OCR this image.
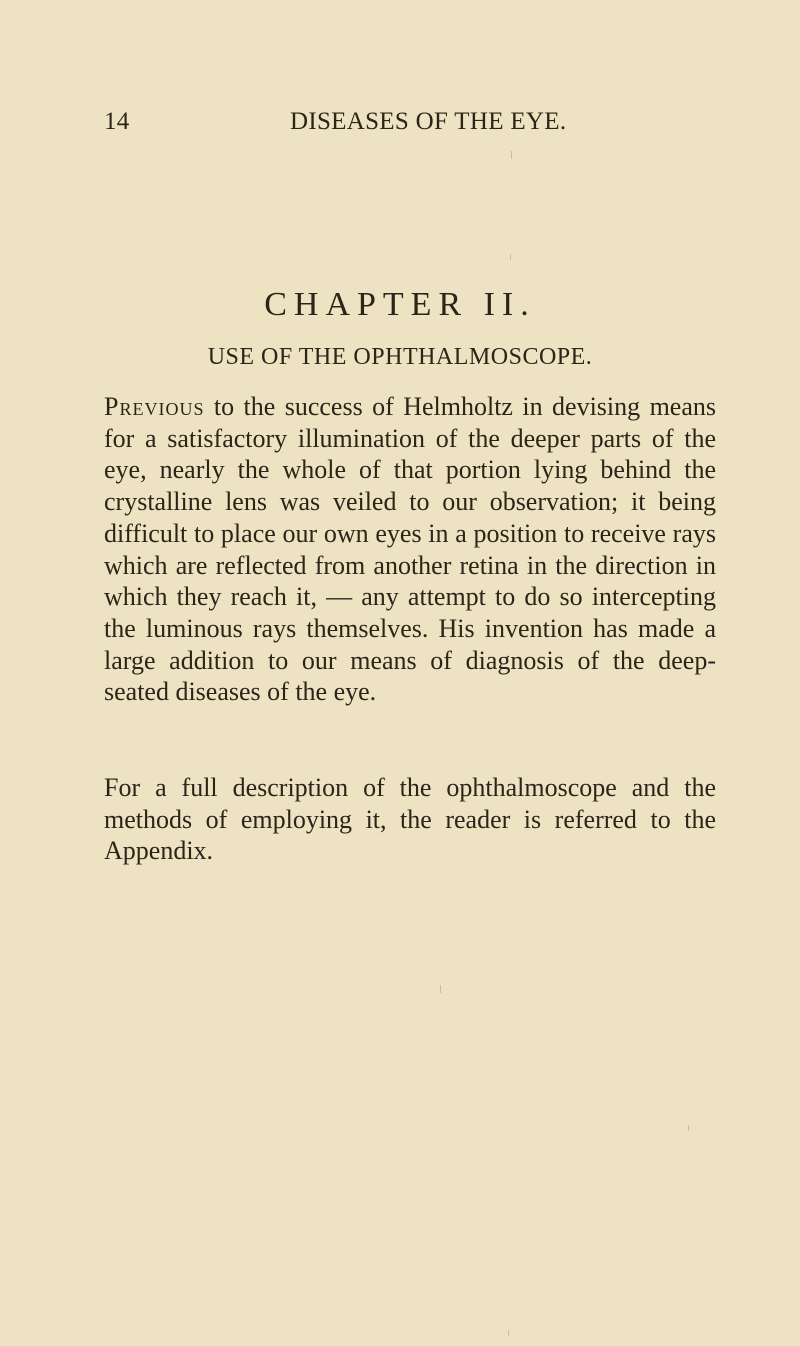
14	DISEASES OF THE EYE.
CHAPTER II.
USE OF THE OPHTHALMOSCOPE.
Previous to the success of Helmholtz in devising means for a satisfactory illumination of the deeper parts of the eye, nearly the whole of that portion lying behind the crystalline lens was veiled to our observation; it being difficult to place our own eyes in a position to receive rays which are reflected from another retina in the direction in which they reach it, — any attempt to do so intercepting the luminous rays themselves. His invention has made a large addition to our means of diagnosis of the deep-seated diseases of the eye.
For a full description of the ophthalmoscope and the methods of employing it, the reader is referred to the Appendix.
